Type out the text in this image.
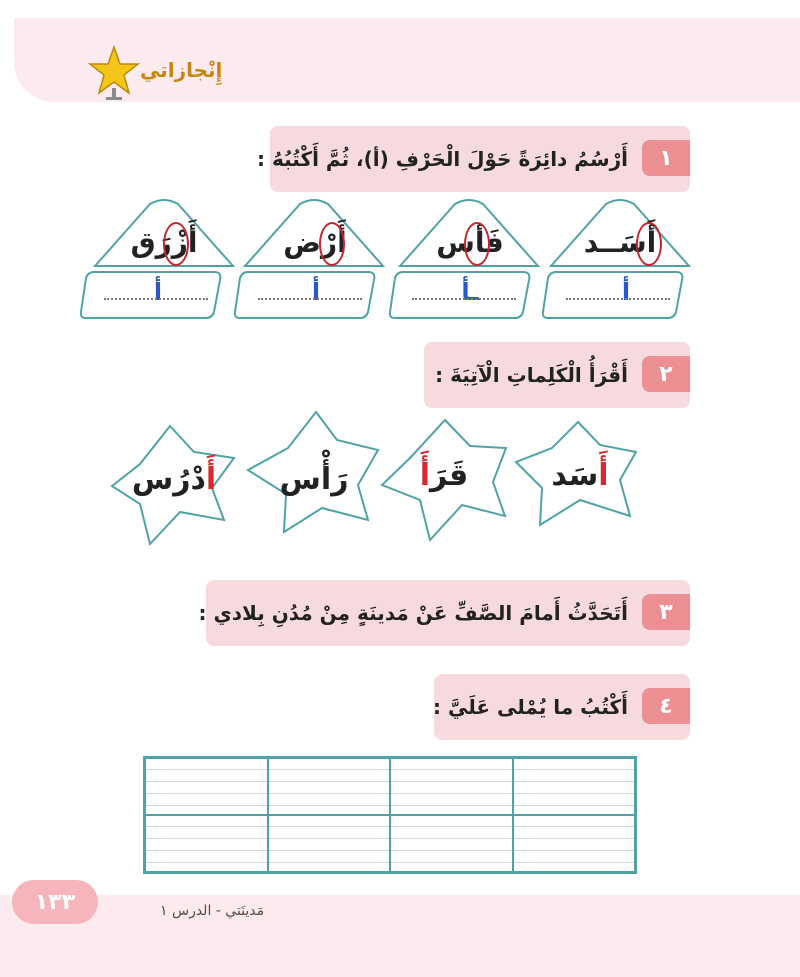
إِنْجازاتي
١
أَرْسُمُ دائِرَةً حَوْلَ الْحَرْفِ (أ)، ثُمَّ أَكْتُبُهُ :
أَسَــد
فَأس
أَرْض
أَزْرَق
أ
ـأ
أ
أ
٢
أَقْرَأُ الْكَلِماتِ الْآتِيَةَ :
أَسَد
قَرَأَ
رَأْس
أَدْرُس
٣
أَتَحَدَّثُ أَمامَ الصَّفِّ عَنْ مَدينَةٍ مِنْ مُدُنِ بِلادي :
٤
أَكْتُبُ ما يُمْلى عَلَيَّ :
١٣٣	مَدينَتي - الدرس ١
